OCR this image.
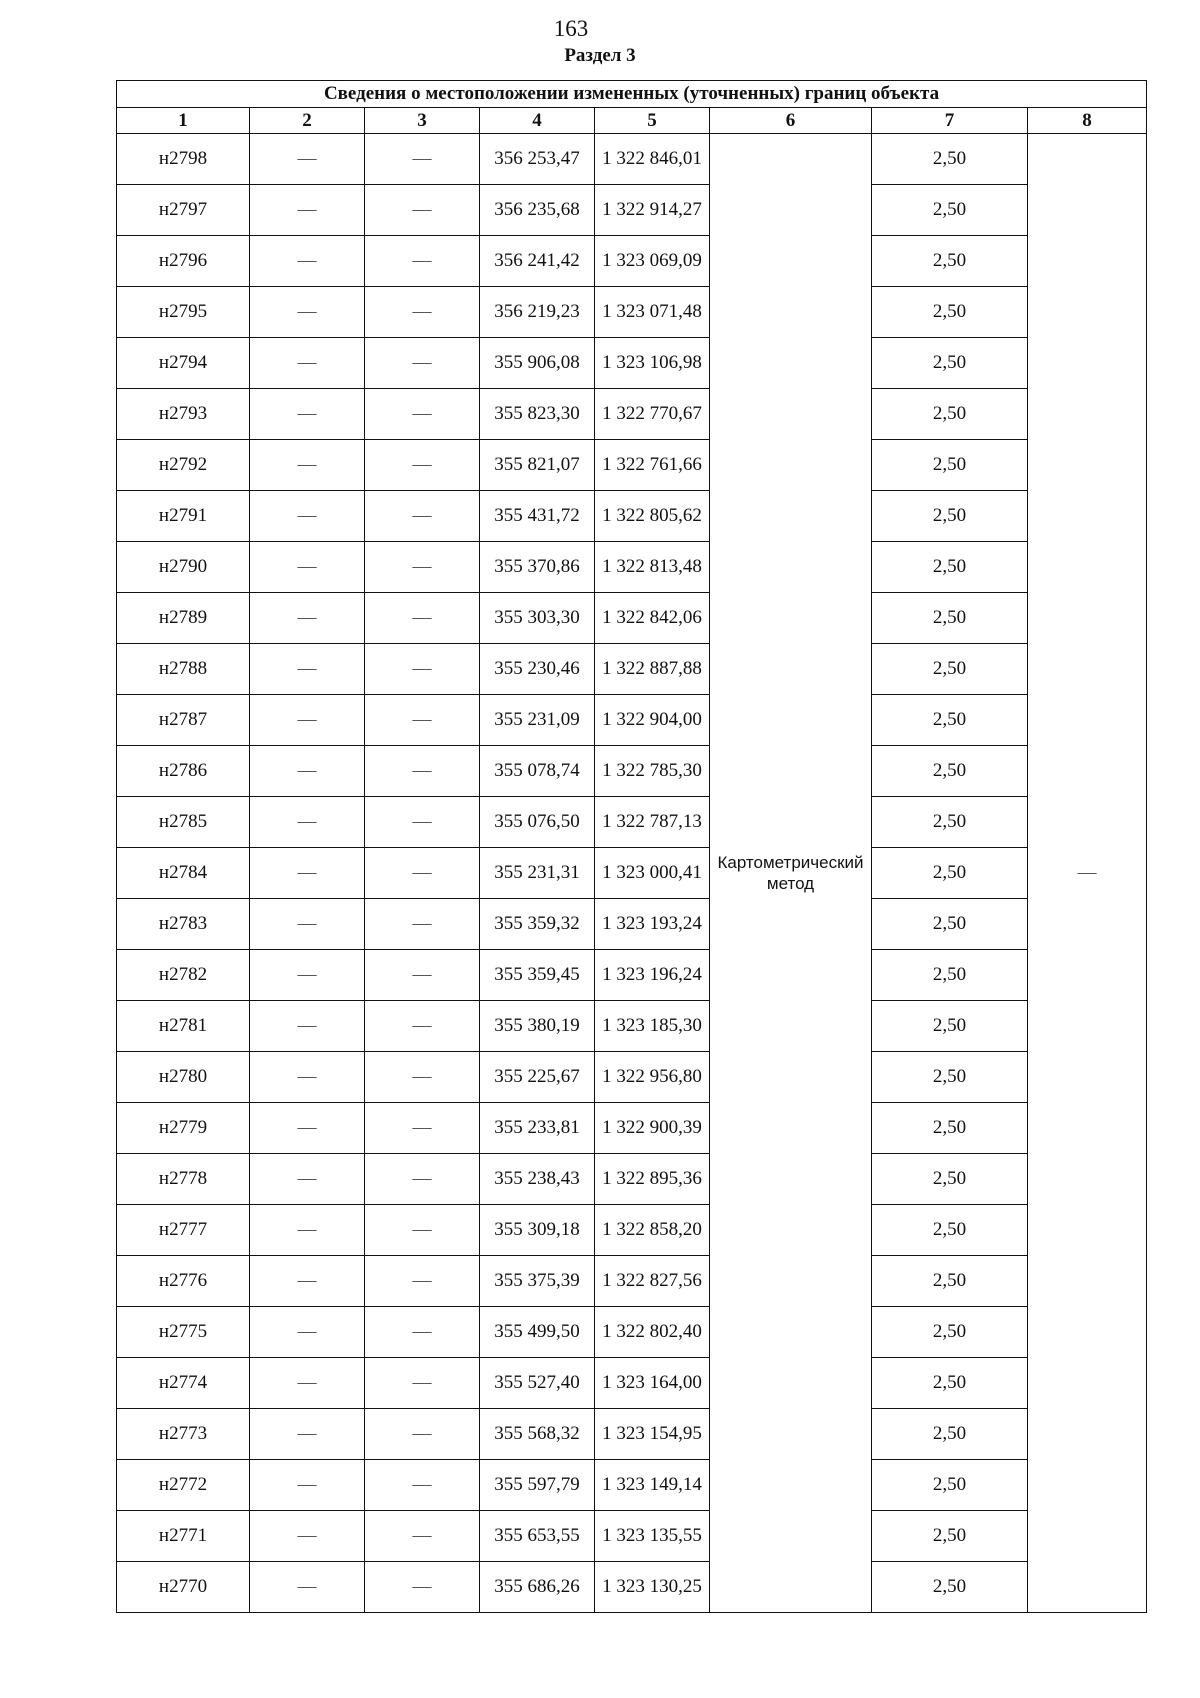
163
Раздел 3
Сведения о местоположении измененных (уточненных) границ объекта							
1	2	3	4	5	6	7	8
н2798	—	—	356 253,47	1 322 846,01	Картометрический метод	2,50	—
н2797	—	—	356 235,68	1 322 914,27		2,50	
н2796	—	—	356 241,42	1 323 069,09		2,50	
н2795	—	—	356 219,23	1 323 071,48		2,50	
н2794	—	—	355 906,08	1 323 106,98		2,50	
н2793	—	—	355 823,30	1 322 770,67		2,50	
н2792	—	—	355 821,07	1 322 761,66		2,50	
н2791	—	—	355 431,72	1 322 805,62		2,50	
н2790	—	—	355 370,86	1 322 813,48		2,50	
н2789	—	—	355 303,30	1 322 842,06		2,50	
н2788	—	—	355 230,46	1 322 887,88		2,50	
н2787	—	—	355 231,09	1 322 904,00		2,50	
н2786	—	—	355 078,74	1 322 785,30		2,50	
н2785	—	—	355 076,50	1 322 787,13		2,50	
н2784	—	—	355 231,31	1 323 000,41		2,50	
н2783	—	—	355 359,32	1 323 193,24		2,50	
н2782	—	—	355 359,45	1 323 196,24		2,50	
н2781	—	—	355 380,19	1 323 185,30		2,50	
н2780	—	—	355 225,67	1 322 956,80		2,50	
н2779	—	—	355 233,81	1 322 900,39		2,50	
н2778	—	—	355 238,43	1 322 895,36		2,50	
н2777	—	—	355 309,18	1 322 858,20		2,50	
н2776	—	—	355 375,39	1 322 827,56		2,50	
н2775	—	—	355 499,50	1 322 802,40		2,50	
н2774	—	—	355 527,40	1 323 164,00		2,50	
н2773	—	—	355 568,32	1 323 154,95		2,50	
н2772	—	—	355 597,79	1 323 149,14		2,50	
н2771	—	—	355 653,55	1 323 135,55		2,50	
н2770	—	—	355 686,26	1 323 130,25		2,50	
